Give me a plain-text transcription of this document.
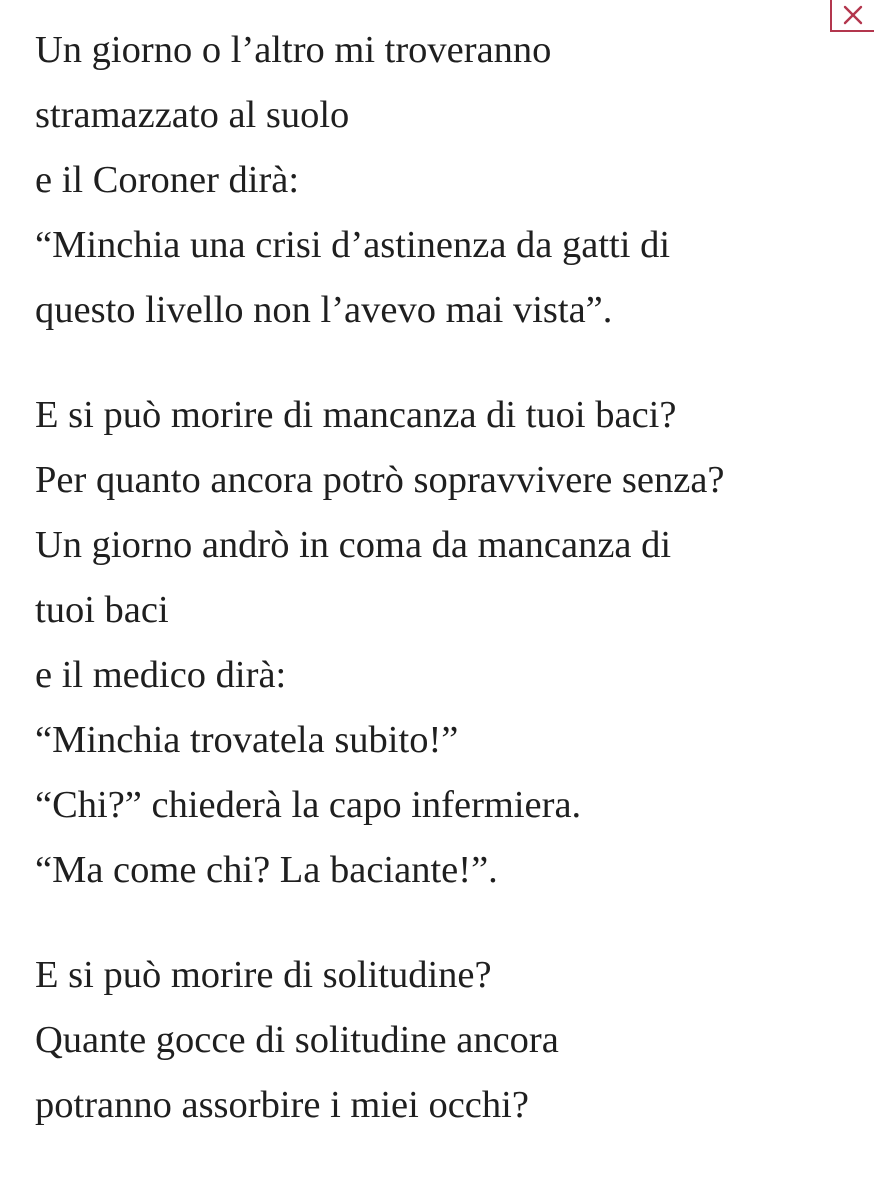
Un giorno o l’altro mi troveranno
stramazzato al suolo
e il Coroner dirà:
“Minchia una crisi d’astinenza da gatti di
questo livello non l’avevo mai vista”.
E si può morire di mancanza di tuoi baci?
Per quanto ancora potrò sopravvivere senza?
Un giorno andrò in coma da mancanza di
tuoi baci
e il medico dirà:
“Minchia trovatela subito!”
“Chi?” chiederà la capo infermiera.
“Ma come chi? La baciante!”.
E si può morire di solitudine?
Quante gocce di solitudine ancora
potranno assorbire i miei occhi?
